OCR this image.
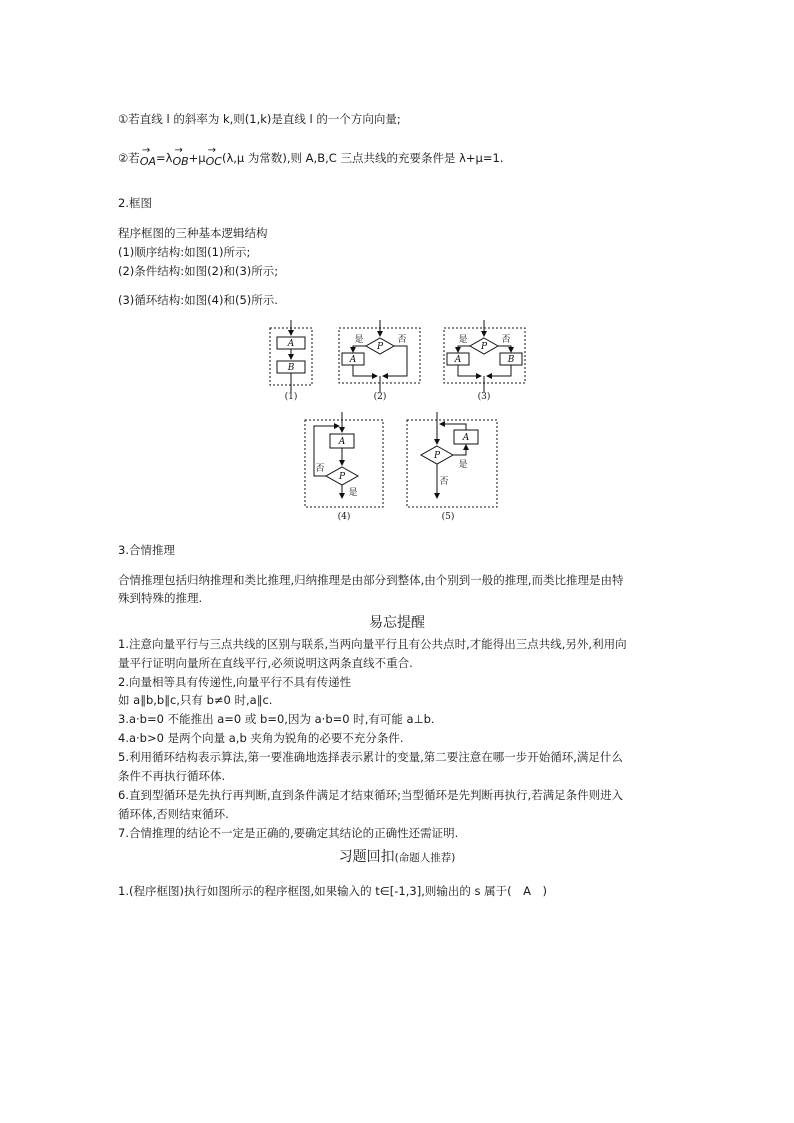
①若直线 l 的斜率为 k,则(1,k)是直线 l 的一个方向向量;
②若→ OA=λ→ OB+μ→ OC(λ,μ 为常数),则 A,B,C 三点共线的充要条件是 λ+μ=1.
2.框图
程序框图的三种基本逻辑结构
(1)顺序结构:如图(1)所示;
(2)条件结构:如图(2)和(3)所示;
(3)循环结构:如图(4)和(5)所示.
A
B
P
A
是	否
P
A	B
是	否
A
P
否
是
A
P
是
否
(1)	(2)	(3)
(4)	(5)
3.合情推理
合情推理包括归纳推理和类比推理,归纳推理是由部分到整体,由个别到一般的推理,而类比推理是由特
殊到特殊的推理.
易忘提醒
1.注意向量平行与三点共线的区别与联系,当两向量平行且有公共点时,才能得出三点共线,另外,利用向
量平行证明向量所在直线平行,必须说明这两条直线不重合.
2.向量相等具有传递性,向量平行不具有传递性
如 a∥b,b∥c,只有 b≠0 时,a∥c.
3.a·b=0 不能推出 a=0 或 b=0,因为 a·b=0 时,有可能 a⊥b.
4.a·b>0 是两个向量 a,b 夹角为锐角的必要不充分条件.
5.利用循环结构表示算法,第一要准确地选择表示累计的变量,第二要注意在哪一步开始循环,满足什么
条件不再执行循环体.
6.直到型循环是先执行再判断,直到条件满足才结束循环;当型循环是先判断再执行,若满足条件则进入
循环体,否则结束循环.
7.合情推理的结论不一定是正确的,要确定其结论的正确性还需证明.
习题回扣(命题人推荐)
1.(程序框图)执行如图所示的程序框图,如果输入的 t∈[-1,3],则输出的 s 属于(　A　)
